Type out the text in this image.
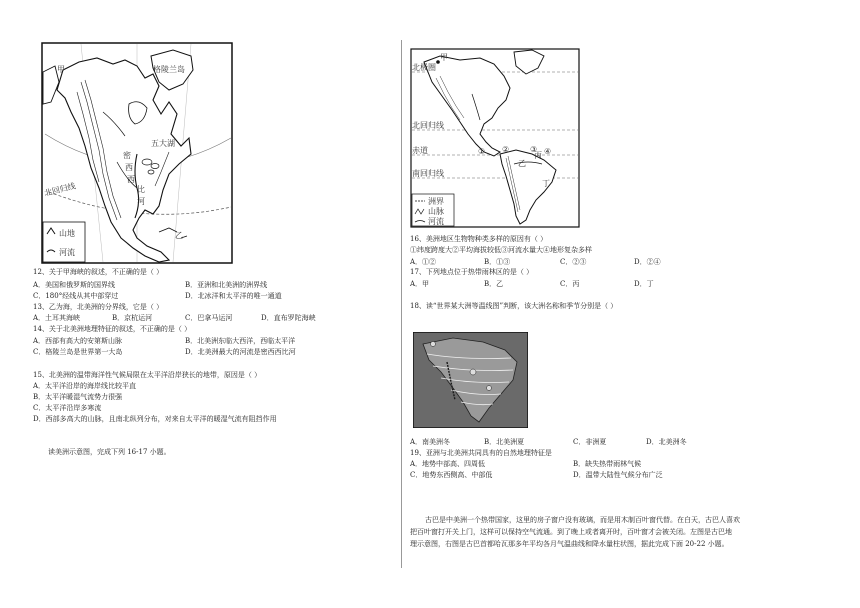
甲	格陵兰岛
五大湖
密
西
西
比
河
乙
北回归线
山地
河流
12、关于甲海峡的叙述，不正确的是（ ）
A．美国和俄罗斯的国界线	B．亚洲和北美洲的洲界线
C．180°经线从其中部穿过	D．北冰洋和太平洋的唯一通道
13、乙为海，北美洲的分界线，它是（ ）
A．土耳其海峡	B．京杭运河	C．巴拿马运河	D．直布罗陀海峡
14、关于北美洲地理特征的叙述，不正确的是（ ）
A．西部有高大的安第斯山脉	B．北美洲东临大西洋，西临太平洋
C．格陵兰岛是世界第一大岛	D．北美洲最大的河流是密西西比河
15、北美洲的温带海洋性气候局限在太平洋沿岸狭长的地带，原因是（ ）
A．太平洋沿岸的海岸线比较平直
B．太平洋暖湿气流势力很强
C．太平洋沿岸多寒流
D．西部多高大的山脉，且南北纵列分布，对来自太平洋的暖湿气流有阻挡作用
读美洲示意图，完成下列 16-17 小题。
甲
北极圈
北回归线
赤道
南回归线
① ②	③ ④
乙
丙
丁
洲界
山脉
河流
16、美洲地区生物物种类多样的原因有（ ）
①纬度跨度大②平均海拔较低③河流水量大④地形复杂多样
A．①②	B．①③	C．②③	D．②④
17、下列地点位于热带雨林区的是（ ）
A．甲	B．乙	C．丙	D．丁
18、读“世界某大洲等温线图”判断，该大洲名称和季节分别是（ ）
A．南美洲冬	B．北美洲夏	C．非洲夏	D．北美洲冬
19、亚洲与北美洲共同具有的自然地理特征是
A．地势中部高、四周低	B．缺失热带雨林气候
C．地势东西侧高、中部低	D．温带大陆性气候分布广泛
古巴是中美洲一个热带国家，这里的房子窗户没有玻璃，而是用木制百叶窗代替。在白天，古巴人喜欢
把百叶窗打开关上门，这样可以保持空气流通。到了晚上或者离开时，百叶窗才会被关闭。左图是古巴地
理示意图，右图是古巴首都哈瓦那多年平均各月气温曲线和降水量柱状图，据此完成下面 20-22 小题。
